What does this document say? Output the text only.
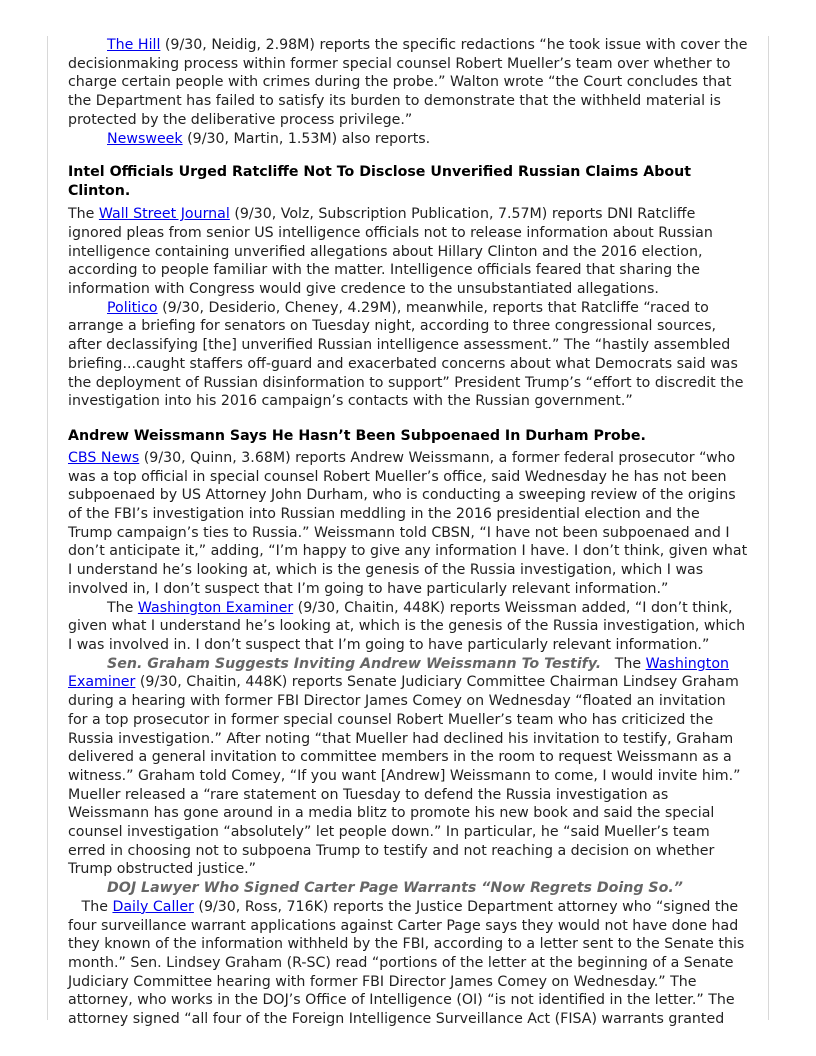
The Hill (9/30, Neidig, 2.98M) reports the specific redactions “he took issue with cover the decisionmaking process within former special counsel Robert Mueller’s team over whether to charge certain people with crimes during the probe.” Walton wrote “the Court concludes that the Department has failed to satisfy its burden to demonstrate that the withheld material is protected by the deliberative process privilege.”

Newsweek (9/30, Martin, 1.53M) also reports.

Intel Officials Urged Ratcliffe Not To Disclose Unverified Russian Claims About Clinton.

The Wall Street Journal (9/30, Volz, Subscription Publication, 7.57M) reports DNI Ratcliffe ignored pleas from senior US intelligence officials not to release information about Russian intelligence containing unverified allegations about Hillary Clinton and the 2016 election, according to people familiar with the matter. Intelligence officials feared that sharing the information with Congress would give credence to the unsubstantiated allegations.

Politico (9/30, Desiderio, Cheney, 4.29M), meanwhile, reports that Ratcliffe “raced to arrange a briefing for senators on Tuesday night, according to three congressional sources, after declassifying [the] unverified Russian intelligence assessment.” The “hastily assembled briefing...caught staffers off-guard and exacerbated concerns about what Democrats said was the deployment of Russian disinformation to support” President Trump’s “effort to discredit the investigation into his 2016 campaign’s contacts with the Russian government.”

Andrew Weissmann Says He Hasn’t Been Subpoenaed In Durham Probe.

CBS News (9/30, Quinn, 3.68M) reports Andrew Weissmann, a former federal prosecutor “who was a top official in special counsel Robert Mueller’s office, said Wednesday he has not been subpoenaed by US Attorney John Durham, who is conducting a sweeping review of the origins of the FBI’s investigation into Russian meddling in the 2016 presidential election and the Trump campaign’s ties to Russia.” Weissmann told CBSN, “I have not been subpoenaed and I don’t anticipate it,” adding, “I’m happy to give any information I have. I don’t think, given what I understand he’s looking at, which is the genesis of the Russia investigation, which I was involved in, I don’t suspect that I’m going to have particularly relevant information.”

The Washington Examiner (9/30, Chaitin, 448K) reports Weissman added, “I don’t think, given what I understand he’s looking at, which is the genesis of the Russia investigation, which I was involved in. I don’t suspect that I’m going to have particularly relevant information.”

Sen. Graham Suggests Inviting Andrew Weissmann To Testify.   The Washington Examiner (9/30, Chaitin, 448K) reports Senate Judiciary Committee Chairman Lindsey Graham during a hearing with former FBI Director James Comey on Wednesday “floated an invitation for a top prosecutor in former special counsel Robert Mueller’s team who has criticized the Russia investigation.” After noting “that Mueller had declined his invitation to testify, Graham delivered a general invitation to committee members in the room to request Weissmann as a witness.” Graham told Comey, “If you want [Andrew] Weissmann to come, I would invite him.” Mueller released a “rare statement on Tuesday to defend the Russia investigation as Weissmann has gone around in a media blitz to promote his new book and said the special counsel investigation “absolutely” let people down.” In particular, he “said Mueller’s team erred in choosing not to subpoena Trump to testify and not reaching a decision on whether Trump obstructed justice.”

DOJ Lawyer Who Signed Carter Page Warrants “Now Regrets Doing So.”   The Daily Caller (9/30, Ross, 716K) reports the Justice Department attorney who “signed the four surveillance warrant applications against Carter Page says they would not have done had they known of the information withheld by the FBI, according to a letter sent to the Senate this month.” Sen. Lindsey Graham (R-SC) read “portions of the letter at the beginning of a Senate Judiciary Committee hearing with former FBI Director James Comey on Wednesday.” The attorney, who works in the DOJ’s Office of Intelligence (OI) “is not identified in the letter.” The attorney signed “all four of the Foreign Intelligence Surveillance Act (FISA) warrants granted
